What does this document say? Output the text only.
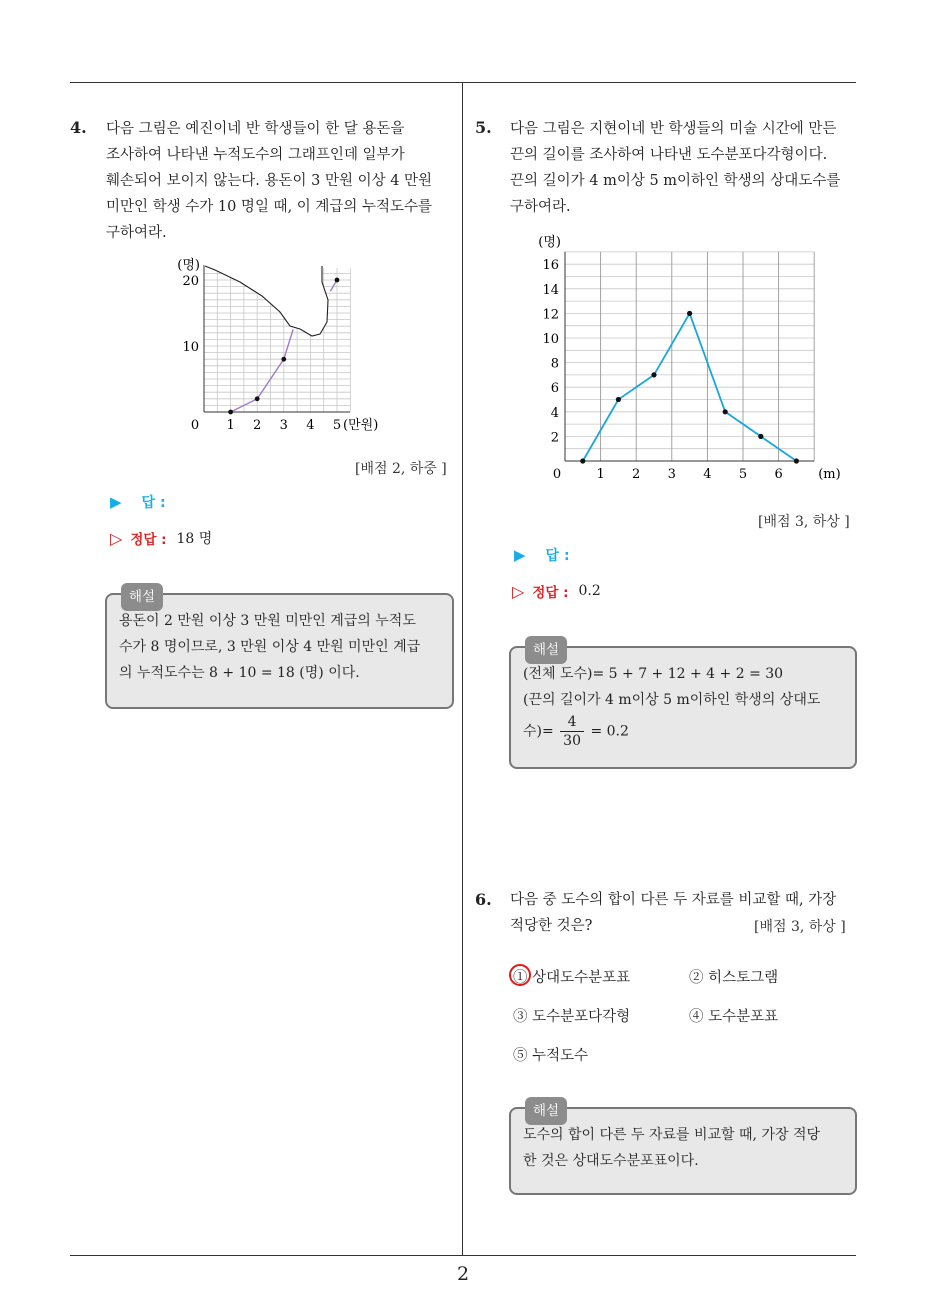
2
4. 다음 그림은 예진이네 반 학생들이 한 달 용돈을
조사하여 나타낸 누적도수의 그래프인데 일부가
훼손되어 보이지 않는다. 용돈이 3 만원 이상 4 만원
미만인 학생 수가 10 명일 때, 이 계급의 누적도수를
구하여라.
0 1 2 3 4 5
10
20
(명)
(만원)
0	1 2 3 4 5 6
2
4
6
8
10
12
14
16
(명)
(m)
[배점 2, 하중 ]
▶ 답 :
▷ 정답 : 18 명
해설
용돈이 2 만원 이상 3 만원 미만인 계급의 누적도
수가 8 명이므로, 3 만원 이상 4 만원 미만인 계급
의 누적도수는 8 + 10 = 18 (명) 이다.
5. 다음 그림은 지현이네 반 학생들의 미술 시간에 만든
끈의 길이를 조사하여 나타낸 도수분포다각형이다.
끈의 길이가 4 m이상 5 m이하인 학생의 상대도수를
구하여라.
[배점 3, 하상 ]
▶ 답 :
▷ 정답 : 0.2
해설
(전체 도수)= 5 + 7 + 12 + 4 + 2 = 30
(끈의 길이가 4 m이상 5 m이하인 학생의 상대도
수)= $\frac{4}{30} = 0.2$
6. 다음 중 도수의 합이 다른 두 자료를 비교할 때, 가장
적당한 것은?	[배점 3, 하상 ]
① 상대도수분포표	② 히스토그램
③ 도수분포다각형	④ 도수분포표
⑤ 누적도수
해설
도수의 합이 다른 두 자료를 비교할 때, 가장 적당
한 것은 상대도수분포표이다.
